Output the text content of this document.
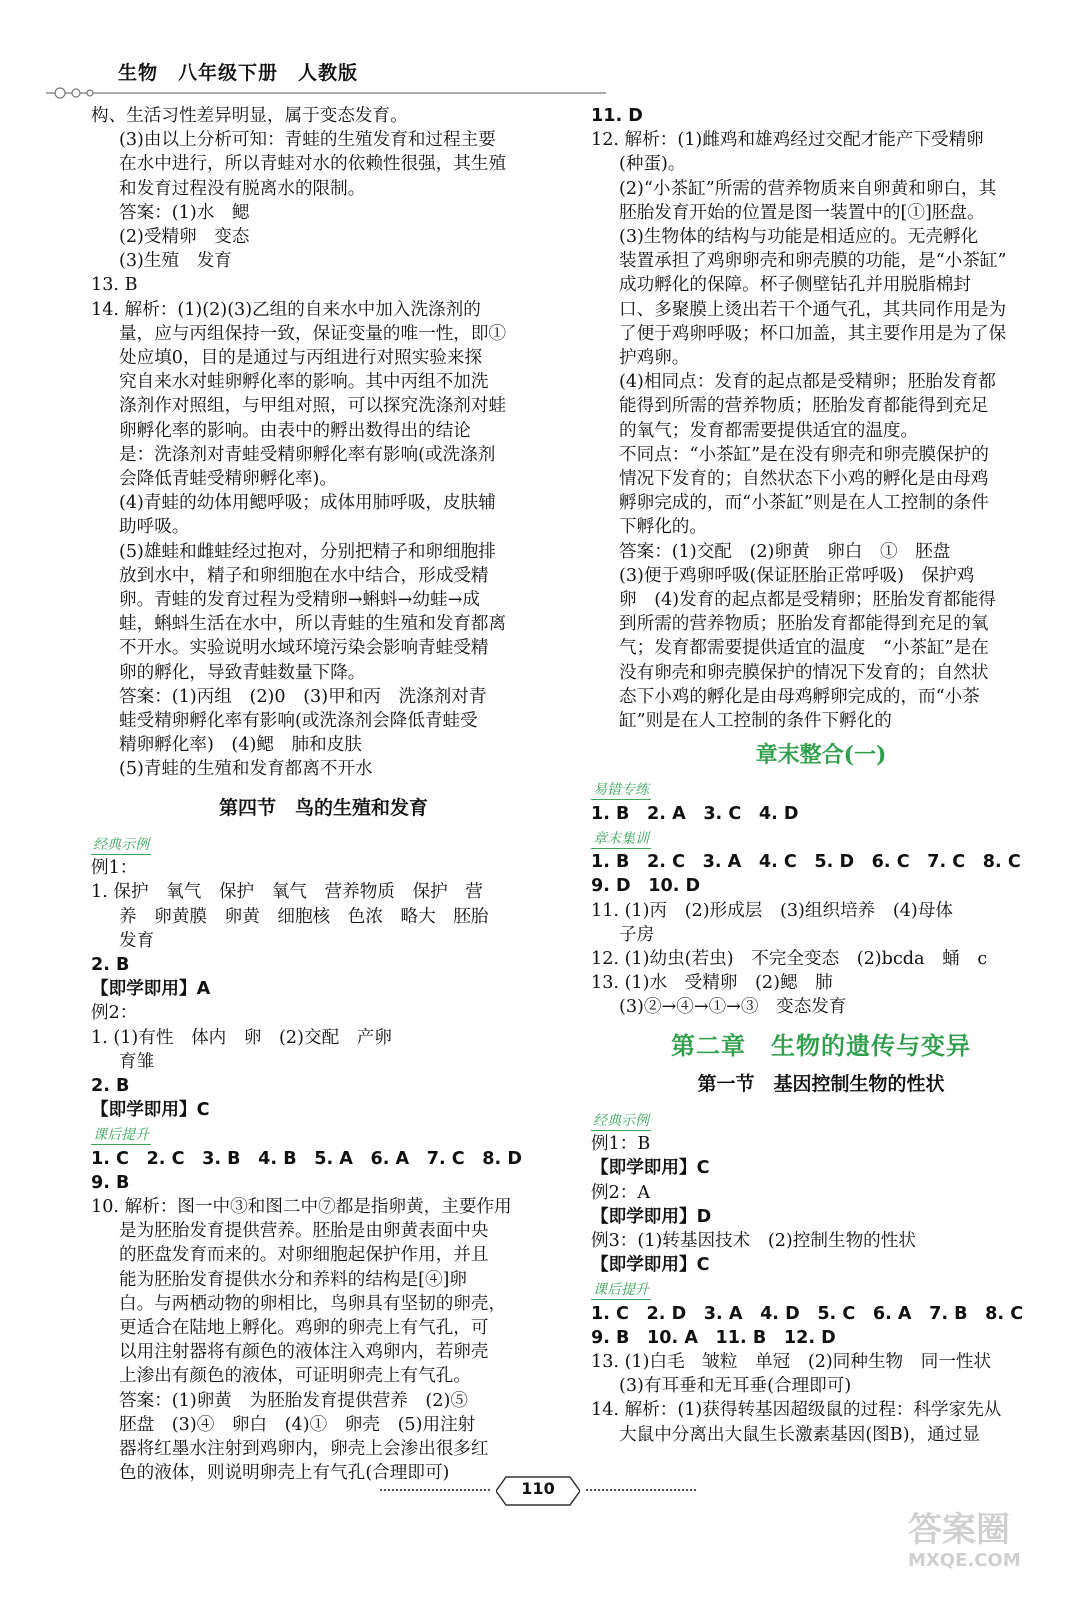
生物　八年级下册　人教版

构、生活习性差异明显，属于变态发育。

(3)由以上分析可知：青蛙的生殖发育和过程主要

在水中进行，所以青蛙对水的依赖性很强，其生殖

和发育过程没有脱离水的限制。

答案：(1)水　鳃

(2)受精卵　变态

(3)生殖　发育

13. B

14. 解析：(1)(2)(3)乙组的自来水中加入洗涤剂的

量，应与丙组保持一致，保证变量的唯一性，即①

处应填0，目的是通过与丙组进行对照实验来探

究自来水对蛙卵孵化率的影响。其中丙组不加洗

涤剂作对照组，与甲组对照，可以探究洗涤剂对蛙

卵孵化率的影响。由表中的孵出数得出的结论

是：洗涤剂对青蛙受精卵孵化率有影响(或洗涤剂

会降低青蛙受精卵孵化率)。

(4)青蛙的幼体用鳃呼吸；成体用肺呼吸，皮肤辅

助呼吸。

(5)雄蛙和雌蛙经过抱对，分别把精子和卵细胞排

放到水中，精子和卵细胞在水中结合，形成受精

卵。青蛙的发育过程为受精卵→蝌蚪→幼蛙→成

蛙，蝌蚪生活在水中，所以青蛙的生殖和发育都离

不开水。实验说明水域环境污染会影响青蛙受精

卵的孵化，导致青蛙数量下降。

答案：(1)丙组　(2)0　(3)甲和丙　洗涤剂对青

蛙受精卵孵化率有影响(或洗涤剂会降低青蛙受

精卵孵化率)　(4)鳃　肺和皮肤

(5)青蛙的生殖和发育都离不开水

第四节　鸟的生殖和发育
经典示例

例1：

1. 保护　氧气　保护　氧气　营养物质　保护　营

养　卵黄膜　卵黄　细胞核　色浓　略大　胚胎

发育

2. B

【即学即用】A

例2：

1. (1)有性　体内　卵　(2)交配　产卵

育雏

2. B

【即学即用】C

课后提升

1. C　2. C　3. B　4. B　5. A　6. A　7. C　8. D

9. B

10. 解析：图一中③和图二中⑦都是指卵黄，主要作用

是为胚胎发育提供营养。胚胎是由卵黄表面中央

的胚盘发育而来的。对卵细胞起保护作用，并且

能为胚胎发育提供水分和养料的结构是[④]卵

白。与两栖动物的卵相比，鸟卵具有坚韧的卵壳，

更适合在陆地上孵化。鸡卵的卵壳上有气孔，可

以用注射器将有颜色的液体注入鸡卵内，若卵壳

上渗出有颜色的液体，可证明卵壳上有气孔。

答案：(1)卵黄　为胚胎发育提供营养　(2)⑤

胚盘　(3)④　卵白　(4)①　卵壳　(5)用注射

器将红墨水注射到鸡卵内，卵壳上会渗出很多红

色的液体，则说明卵壳上有气孔(合理即可)

11. D

12. 解析：(1)雌鸡和雄鸡经过交配才能产下受精卵

(种蛋)。

(2)“小茶缸”所需的营养物质来自卵黄和卵白，其

胚胎发育开始的位置是图一装置中的[①]胚盘。

(3)生物体的结构与功能是相适应的。无壳孵化

装置承担了鸡卵卵壳和卵壳膜的功能，是“小茶缸”

成功孵化的保障。杯子侧壁钻孔并用脱脂棉封

口、多聚膜上烫出若干个通气孔，其共同作用是为

了便于鸡卵呼吸；杯口加盖，其主要作用是为了保

护鸡卵。

(4)相同点：发育的起点都是受精卵；胚胎发育都

能得到所需的营养物质；胚胎发育都能得到充足

的氧气；发育都需要提供适宜的温度。

不同点：“小茶缸”是在没有卵壳和卵壳膜保护的

情况下发育的；自然状态下小鸡的孵化是由母鸡

孵卵完成的，而“小茶缸”则是在人工控制的条件

下孵化的。

答案：(1)交配　(2)卵黄　卵白　①　胚盘

(3)便于鸡卵呼吸(保证胚胎正常呼吸)　保护鸡

卵　(4)发育的起点都是受精卵；胚胎发育都能得

到所需的营养物质；胚胎发育都能得到充足的氧

气；发育都需要提供适宜的温度　“小茶缸”是在

没有卵壳和卵壳膜保护的情况下发育的；自然状

态下小鸡的孵化是由母鸡孵卵完成的，而“小茶

缸”则是在人工控制的条件下孵化的

章末整合(一)
易错专练

1. B　2. A　3. C　4. D

章末集训

1. B　2. C　3. A　4. C　5. D　6. C　7. C　8. C

9. D　10. D

11. (1)丙　(2)形成层　(3)组织培养　(4)母体

子房

12. (1)幼虫(若虫)　不完全变态　(2)bcda　蛹　c

13. (1)水　受精卵　(2)鳃　肺

(3)②→④→①→③　变态发育

第二章　生物的遗传与变异
第一节　基因控制生物的性状
经典示例

例1：B

【即学即用】C

例2：A

【即学即用】D

例3：(1)转基因技术　(2)控制生物的性状

【即学即用】C

课后提升

1. C　2. D　3. A　4. D　5. C　6. A　7. B　8. C

9. B　10. A　11. B　12. D

13. (1)白毛　皱粒　单冠　(2)同种生物　同一性状

(3)有耳垂和无耳垂(合理即可)

14. 解析：(1)获得转基因超级鼠的过程：科学家先从

大鼠中分离出大鼠生长激素基因(图B)，通过显

110
答案圈
MXQE.COM
